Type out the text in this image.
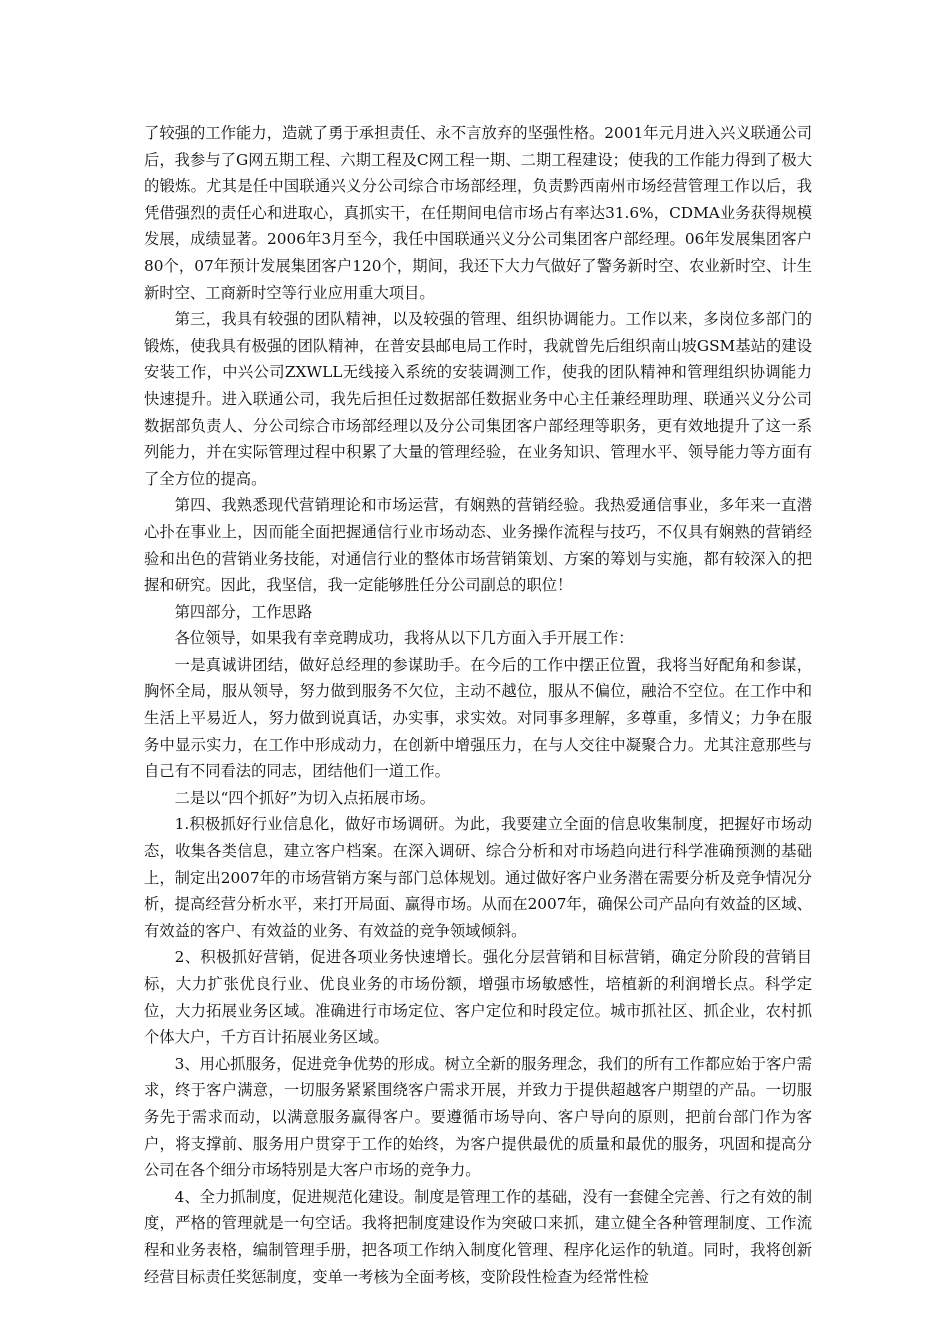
了较强的工作能力，造就了勇于承担责任、永不言放弃的坚强性格。2001年元月进入兴义联通公司后，我参与了G网五期工程、六期工程及C网工程一期、二期工程建设；使我的工作能力得到了极大的锻炼。尤其是任中国联通兴义分公司综合市场部经理，负责黔西南州市场经营管理工作以后，我凭借强烈的责任心和进取心，真抓实干，在任期间电信市场占有率达31.6%，CDMA业务获得规模发展，成绩显著。2006年3月至今，我任中国联通兴义分公司集团客户部经理。06年发展集团客户80个，07年预计发展集团客户120个，期间，我还下大力气做好了警务新时空、农业新时空、计生新时空、工商新时空等行业应用重大项目。

第三，我具有较强的团队精神，以及较强的管理、组织协调能力。工作以来，多岗位多部门的锻炼，使我具有极强的团队精神，在普安县邮电局工作时，我就曾先后组织南山坡GSM基站的建设安装工作，中兴公司ZXWLL无线接入系统的安装调测工作，使我的团队精神和管理组织协调能力快速提升。进入联通公司，我先后担任过数据部任数据业务中心主任兼经理助理、联通兴义分公司数据部负责人、分公司综合市场部经理以及分公司集团客户部经理等职务，更有效地提升了这一系列能力，并在实际管理过程中积累了大量的管理经验，在业务知识、管理水平、领导能力等方面有了全方位的提高。

第四、我熟悉现代营销理论和市场运营，有娴熟的营销经验。我热爱通信事业，多年来一直潜心扑在事业上，因而能全面把握通信行业市场动态、业务操作流程与技巧，不仅具有娴熟的营销经验和出色的营销业务技能，对通信行业的整体市场营销策划、方案的筹划与实施，都有较深入的把握和研究。因此，我坚信，我一定能够胜任分公司副总的职位！

第四部分，工作思路

各位领导，如果我有幸竞聘成功，我将从以下几方面入手开展工作：

一是真诚讲团结，做好总经理的参谋助手。在今后的工作中摆正位置，我将当好配角和参谋，胸怀全局，服从领导，努力做到服务不欠位，主动不越位，服从不偏位，融洽不空位。在工作中和生活上平易近人，努力做到说真话，办实事，求实效。对同事多理解，多尊重，多情义；力争在服务中显示实力，在工作中形成动力，在创新中增强压力，在与人交往中凝聚合力。尤其注意那些与自己有不同看法的同志，团结他们一道工作。

二是以“四个抓好”为切入点拓展市场。

1.积极抓好行业信息化，做好市场调研。为此，我要建立全面的信息收集制度，把握好市场动态，收集各类信息，建立客户档案。在深入调研、综合分析和对市场趋向进行科学准确预测的基础上，制定出2007年的市场营销方案与部门总体规划。通过做好客户业务潜在需要分析及竞争情况分析，提高经营分析水平，来打开局面、赢得市场。从而在2007年，确保公司产品向有效益的区域、有效益的客户、有效益的业务、有效益的竞争领域倾斜。

2、积极抓好营销，促进各项业务快速增长。强化分层营销和目标营销，确定分阶段的营销目标，大力扩张优良行业、优良业务的市场份额，增强市场敏感性，培植新的利润增长点。科学定位，大力拓展业务区域。准确进行市场定位、客户定位和时段定位。城市抓社区、抓企业，农村抓个体大户，千方百计拓展业务区域。

3、用心抓服务，促进竞争优势的形成。树立全新的服务理念，我们的所有工作都应始于客户需求，终于客户满意，一切服务紧紧围绕客户需求开展，并致力于提供超越客户期望的产品。一切服务先于需求而动，以满意服务赢得客户。要遵循市场导向、客户导向的原则，把前台部门作为客户，将支撑前、服务用户贯穿于工作的始终，为客户提供最优的质量和最优的服务，巩固和提高分公司在各个细分市场特别是大客户市场的竞争力。

4、全力抓制度，促进规范化建设。制度是管理工作的基础，没有一套健全完善、行之有效的制度，严格的管理就是一句空话。我将把制度建设作为突破口来抓，建立健全各种管理制度、工作流程和业务表格，编制管理手册，把各项工作纳入制度化管理、程序化运作的轨道。同时，我将创新经营目标责任奖惩制度，变单一考核为全面考核，变阶段性检查为经常性检
